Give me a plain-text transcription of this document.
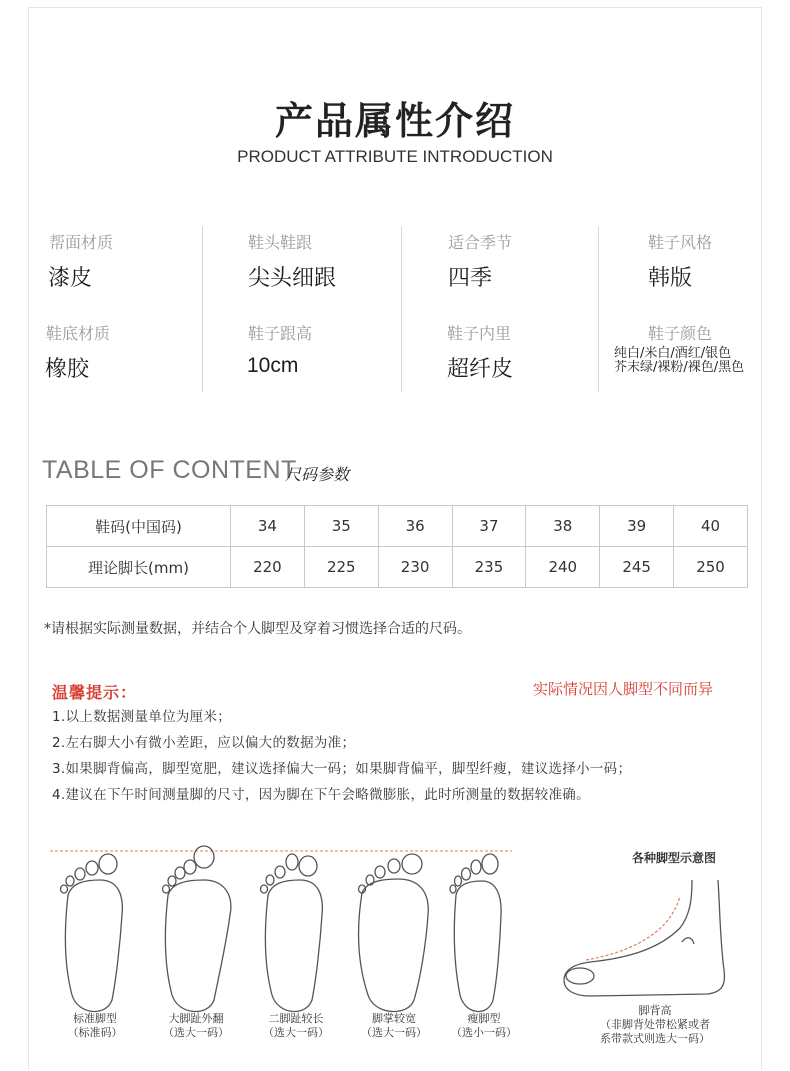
产品属性介绍
PRODUCT ATTRIBUTE INTRODUCTION
帮面材质
漆皮
鞋头鞋跟
尖头细跟
适合季节
四季
鞋子风格
韩版
鞋底材质
橡胶
鞋子跟高
10cm
鞋子内里
超纤皮
鞋子颜色
纯白/米白/酒红/银色
芥末绿/裸粉/裸色/黑色
TABLE OF CONTENT
尺码参数
鞋码(中国码)	34	35	36	37	38	39	40
理论脚长(mm)	220	225	230	235	240	245	250
*请根据实际测量数据，并结合个人脚型及穿着习惯选择合适的尺码。
温馨提示：	实际情况因人脚型不同而异
1.以上数据测量单位为厘米；
2.左右脚大小有微小差距，应以偏大的数据为准；
3.如果脚背偏高，脚型宽肥，建议选择偏大一码；如果脚背偏平，脚型纤瘦，建议选择小一码；
4.建议在下午时间测量脚的尺寸，因为脚在下午会略微膨胀，此时所测量的数据较准确。
标准脚型
（标准码）
大脚趾外翻
（选大一码）
二脚趾较长
（选大一码）
脚掌较宽
（选大一码）
瘦脚型
（选小一码）
各种脚型示意图
脚背高
（非脚背处带松紧或者
系带款式则选大一码）
